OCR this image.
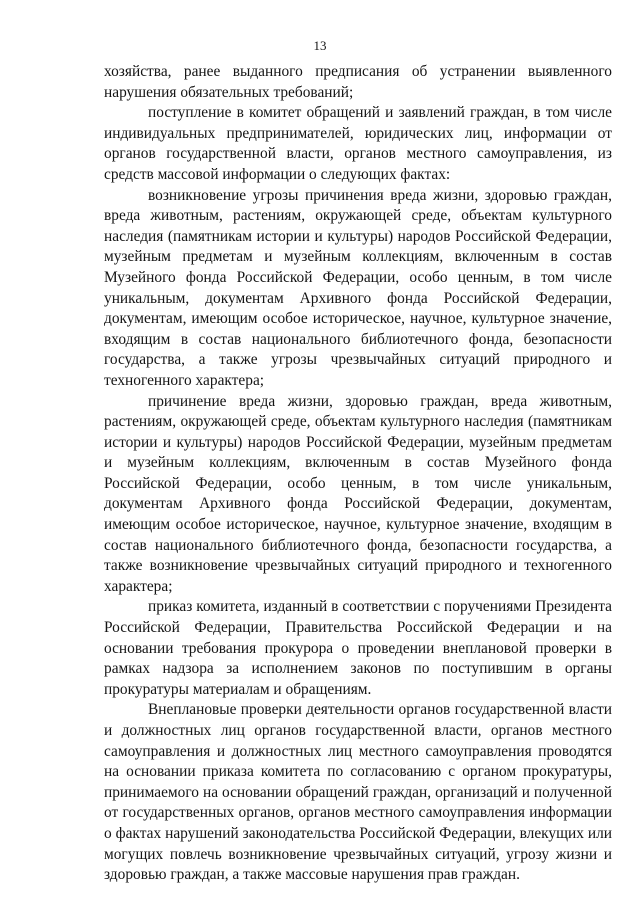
13

хозяйства, ранее выданного предписания об устранении выявленного нарушения обязательных требований;

поступление в комитет обращений и заявлений граждан, в том числе индивидуальных предпринимателей, юридических лиц, информации от органов государственной власти, органов местного самоуправления, из средств массовой информации о следующих фактах:

возникновение угрозы причинения вреда жизни, здоровью граждан, вреда животным, растениям, окружающей среде, объектам культурного наследия (памятникам истории и культуры) народов Российской Федерации, музейным предметам и музейным коллекциям, включенным в состав Музейного фонда Российской Федерации, особо ценным, в том числе уникальным, документам Архивного фонда Российской Федерации, документам, имеющим особое историческое, научное, культурное значение, входящим в состав национального библиотечного фонда, безопасности государства, а также угрозы чрезвычайных ситуаций природного и техногенного характера;

причинение вреда жизни, здоровью граждан, вреда животным, растениям, окружающей среде, объектам культурного наследия (памятникам истории и культуры) народов Российской Федерации, музейным предметам и музейным коллекциям, включенным в состав Музейного фонда Российской Федерации, особо ценным, в том числе уникальным, документам Архивного фонда Российской Федерации, документам, имеющим особое историческое, научное, культурное значение, входящим в состав национального библиотечного фонда, безопасности государства, а также возникновение чрезвычайных ситуаций природного и техногенного характера;

приказ комитета, изданный в соответствии с поручениями Президента Российской Федерации, Правительства Российской Федерации и на основании требования прокурора о проведении внеплановой проверки в рамках надзора за исполнением законов по поступившим в органы прокуратуры материалам и обращениям.

Внеплановые проверки деятельности органов государственной власти и должностных лиц органов государственной власти, органов местного самоуправления и должностных лиц местного самоуправления проводятся на основании приказа комитета по согласованию с органом прокуратуры, принимаемого на основании обращений граждан, организаций и полученной от государственных органов, органов местного самоуправления информации о фактах нарушений законодательства Российской Федерации, влекущих или могущих повлечь возникновение чрезвычайных ситуаций, угрозу жизни и здоровью граждан, а также массовые нарушения прав граждан.
